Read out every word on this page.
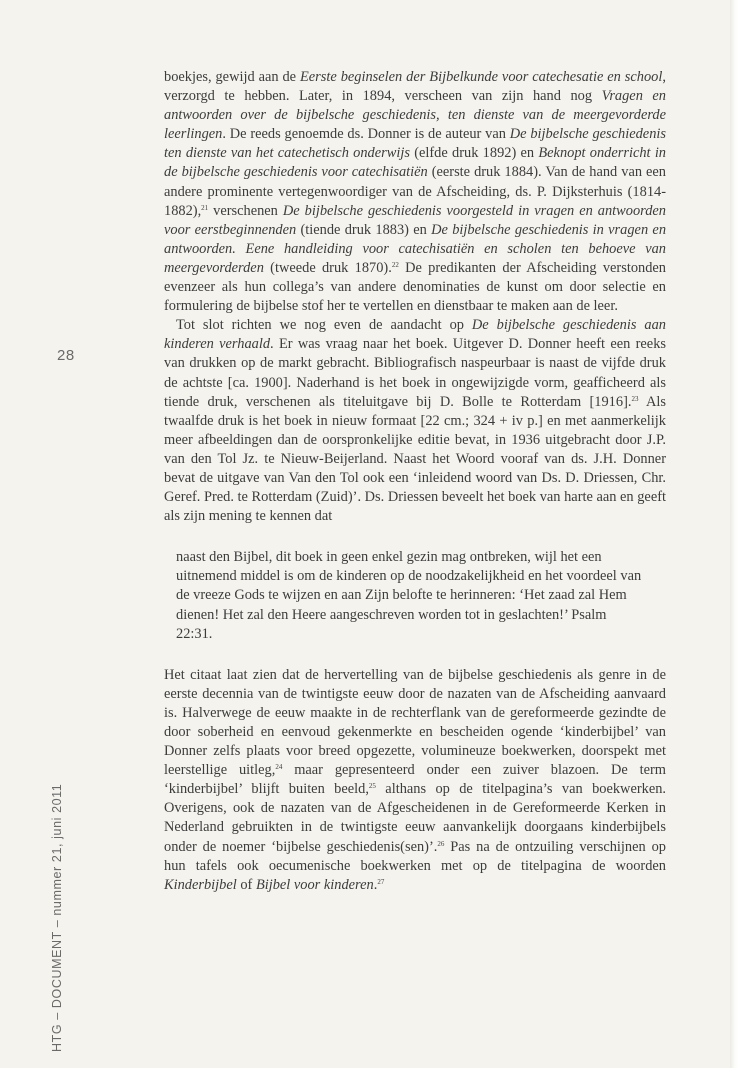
28
HTG – DOCUMENT – nummer 21, juni 2011

boekjes, gewijd aan de Eerste beginselen der Bijbelkunde voor catechesatie en school, verzorgd te hebben. Later, in 1894, verscheen van zijn hand nog Vragen en antwoorden over de bijbelsche geschiedenis, ten dienste van de meergevorderde leerlingen. De reeds genoemde ds. Donner is de auteur van De bijbelsche geschiedenis ten dienste van het catechetisch onderwijs (elfde druk 1892) en Beknopt onderricht in de bijbelsche geschiedenis voor catechisatiën (eerste druk 1884). Van de hand van een andere prominente vertegenwoordiger van de Afscheiding, ds. P. Dijksterhuis (1814-1882),$^{21}$ verschenen De bijbelsche geschiedenis voorgesteld in vragen en antwoorden voor eerstbeginnenden (tiende druk 1883) en De bijbelsche geschiedenis in vragen en antwoorden. Eene handleiding voor catechisatiën en scholen ten behoeve van meergevorderden (tweede druk 1870).$^{22}$ De predikanten der Afscheiding verstonden evenzeer als hun collega’s van andere denominaties de kunst om door selectie en formulering de bijbelse stof her te vertellen en dienstbaar te maken aan de leer.

Tot slot richten we nog even de aandacht op De bijbelsche geschiedenis aan kinderen verhaald. Er was vraag naar het boek. Uitgever D. Donner heeft een reeks van drukken op de markt gebracht. Bibliografisch naspeurbaar is naast de vijfde druk de achtste [ca. 1900]. Naderhand is het boek in ongewijzigde vorm, geafficheerd als tiende druk, verschenen als titeluitgave bij D. Bolle te Rotterdam [1916].$^{23}$ Als twaalfde druk is het boek in nieuw formaat [22 cm.; 324 + iv p.] en met aanmerkelijk meer afbeeldingen dan de oorspronkelijke editie bevat, in 1936 uitgebracht door J.P. van den Tol Jz. te Nieuw-Beijerland. Naast het Woord vooraf van ds. J.H. Donner bevat de uitgave van Van den Tol ook een ‘inleidend woord van Ds. D. Driessen, Chr. Geref. Pred. te Rotterdam (Zuid)’. Ds. Driessen beveelt het boek van harte aan en geeft als zijn mening te kennen dat

naast den Bijbel, dit boek in geen enkel gezin mag ontbreken, wijl het een uitnemend middel is om de kinderen op de noodzakelijkheid en het voordeel van de vreeze Gods te wijzen en aan Zijn belofte te herinneren: ‘Het zaad zal Hem dienen! Het zal den Heere aangeschreven worden tot in geslachten!’ Psalm 22:31.

Het citaat laat zien dat de hervertelling van de bijbelse geschiedenis als genre in de eerste decennia van de twintigste eeuw door de nazaten van de Afscheiding aanvaard is. Halverwege de eeuw maakte in de rechterflank van de gereformeerde gezindte de door soberheid en eenvoud gekenmerkte en bescheiden ogende ‘kinderbijbel’ van Donner zelfs plaats voor breed opgezette, volumineuze boekwerken, doorspekt met leerstellige uitleg,$^{24}$ maar gepresenteerd onder een zuiver blazoen. De term ‘kinderbijbel’ blijft buiten beeld,$^{25}$ althans op de titelpagina’s van boekwerken. Overigens, ook de nazaten van de Afgescheidenen in de Gereformeerde Kerken in Nederland gebruikten in de twintigste eeuw aanvankelijk doorgaans kinderbijbels onder de noemer ‘bijbelse geschiedenis(sen)’.$^{26}$ Pas na de ontzuiling verschijnen op hun tafels ook oecumenische boekwerken met op de titelpagina de woorden Kinderbijbel of Bijbel voor kinderen.$^{27}$
